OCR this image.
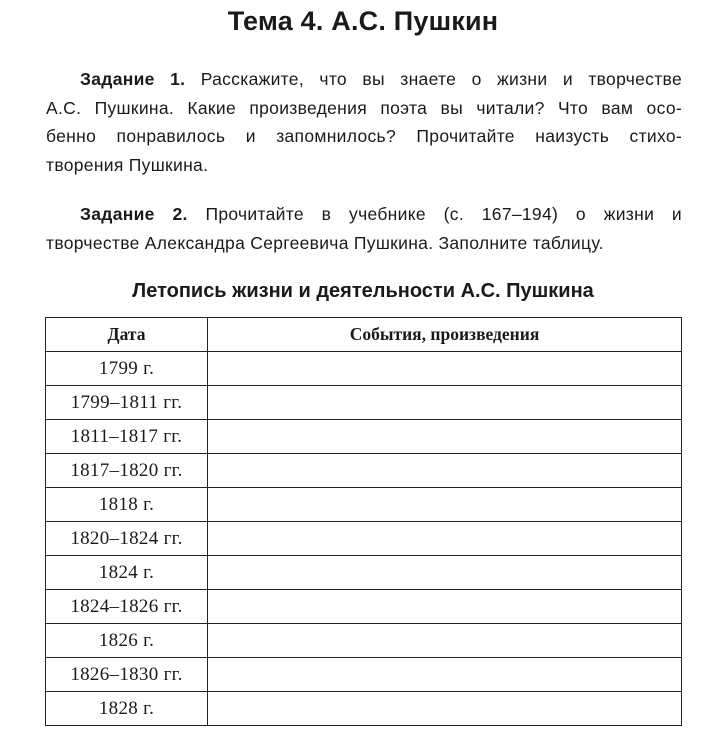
Тема 4. А.С. Пушкин
Задание 1. Расскажите, что вы знаете о жизни и творчестве
А.С. Пушкина. Какие произведения поэта вы читали? Что вам осо-
бенно понравилось и запомнилось? Прочитайте наизусть стихо-
творения Пушкина.
Задание 2. Прочитайте в учебнике (с. 167–194) о жизни и
творчестве Александра Сергеевича Пушкина. Заполните таблицу.
Летопись жизни и деятельности А.С. Пушкина
Дата	События, произведения
1799 г.	
1799–1811 гг.	
1811–1817 гг.	
1817–1820 гг.	
1818 г.	
1820–1824 гг.	
1824 г.	
1824–1826 гг.	
1826 г.	
1826–1830 гг.	
1828 г.	
